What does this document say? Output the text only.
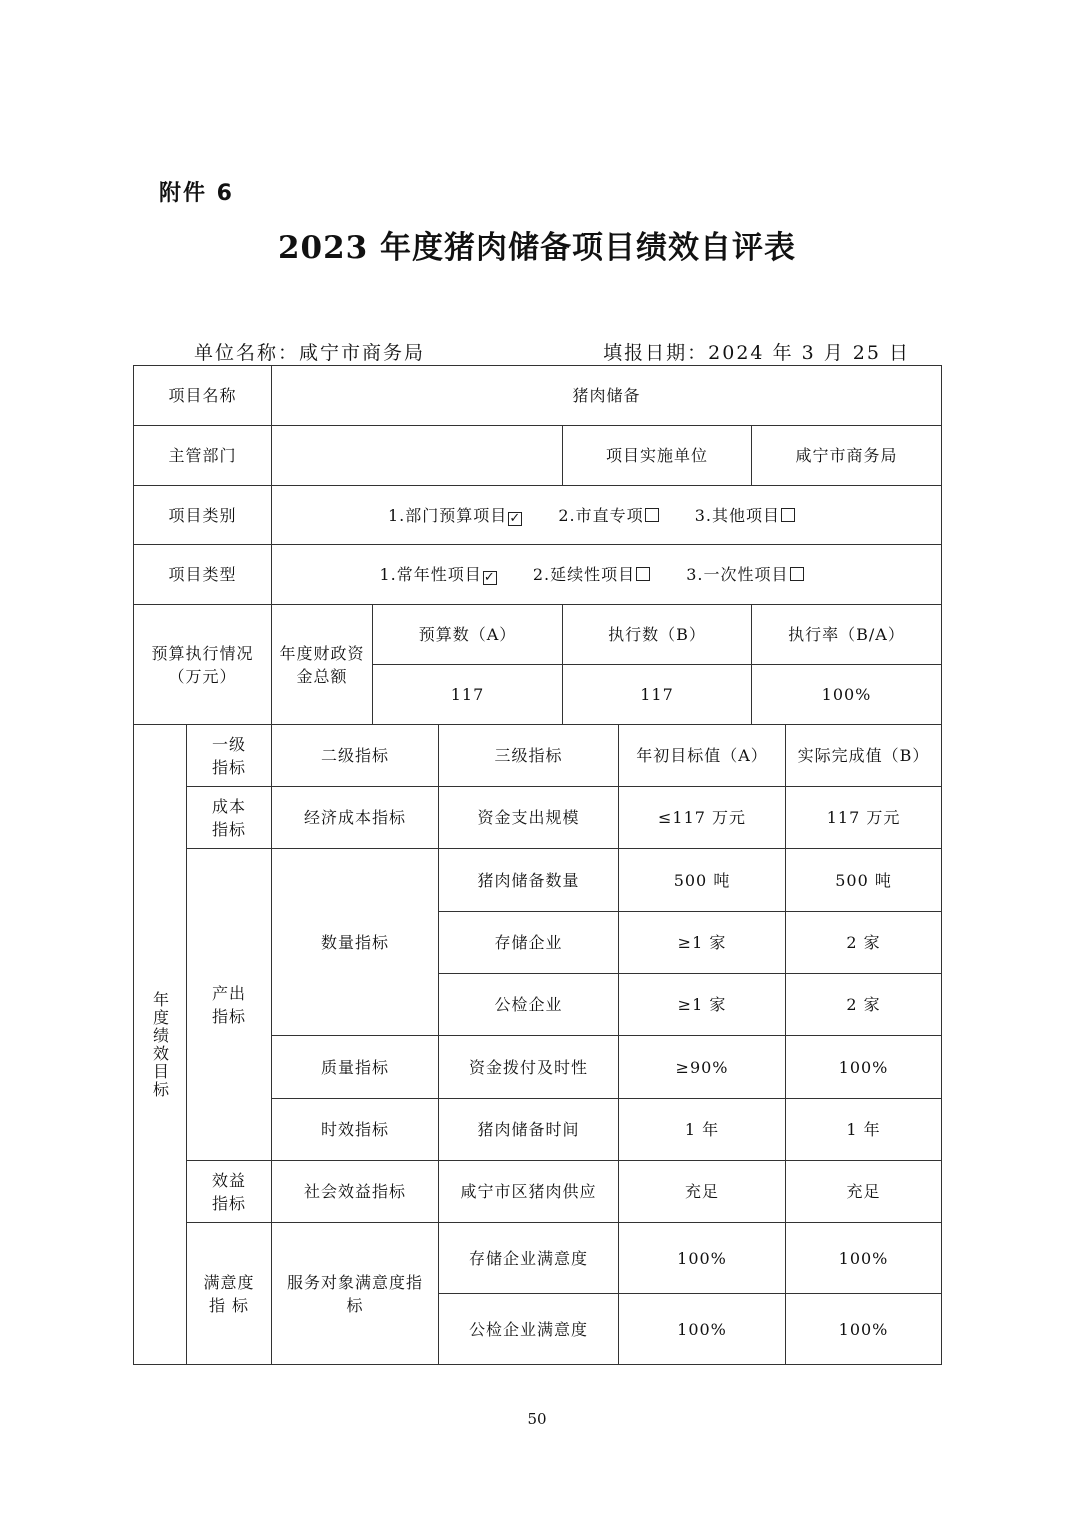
附件 6
2023 年度猪肉储备项目绩效自评表
单位名称：咸宁市商务局	填报日期：2024 年 3 月 25 日
项目名称		猪肉储备						
主管部门					项目实施单位		咸宁市商务局	
项目类别		1.部门预算项目 ✓ 2.市直专项 3.其他项目						
项目类型		1.常年性项目 ✓ 2.延续性项目 3.一次性项目						
预算执行情况（万元）		年度财政资金总额	预算数（A）		执行数（B）		执行率（B/A）	
			117		117		100%	
年度绩效目标	一级指标	二级指标		三级指标		年初目标值（A）		实际完成值（B）
	成本指标	经济成本指标		资金支出规模		≤117 万元		117 万元
	产出指标	数量指标		猪肉储备数量		500 吨		500 吨
				存储企业		≥1 家		2 家
				公检企业		≥1 家		2 家
		质量指标		资金拨付及时性		≥90%		100%
		时效指标		猪肉储备时间		1 年		1 年
	效益指标	社会效益指标		咸宁市区猪肉供应		充足		充足
	满意度指 标	服务对象满意度指标		存储企业满意度		100%		100%
				公检企业满意度		100%		100%
50
